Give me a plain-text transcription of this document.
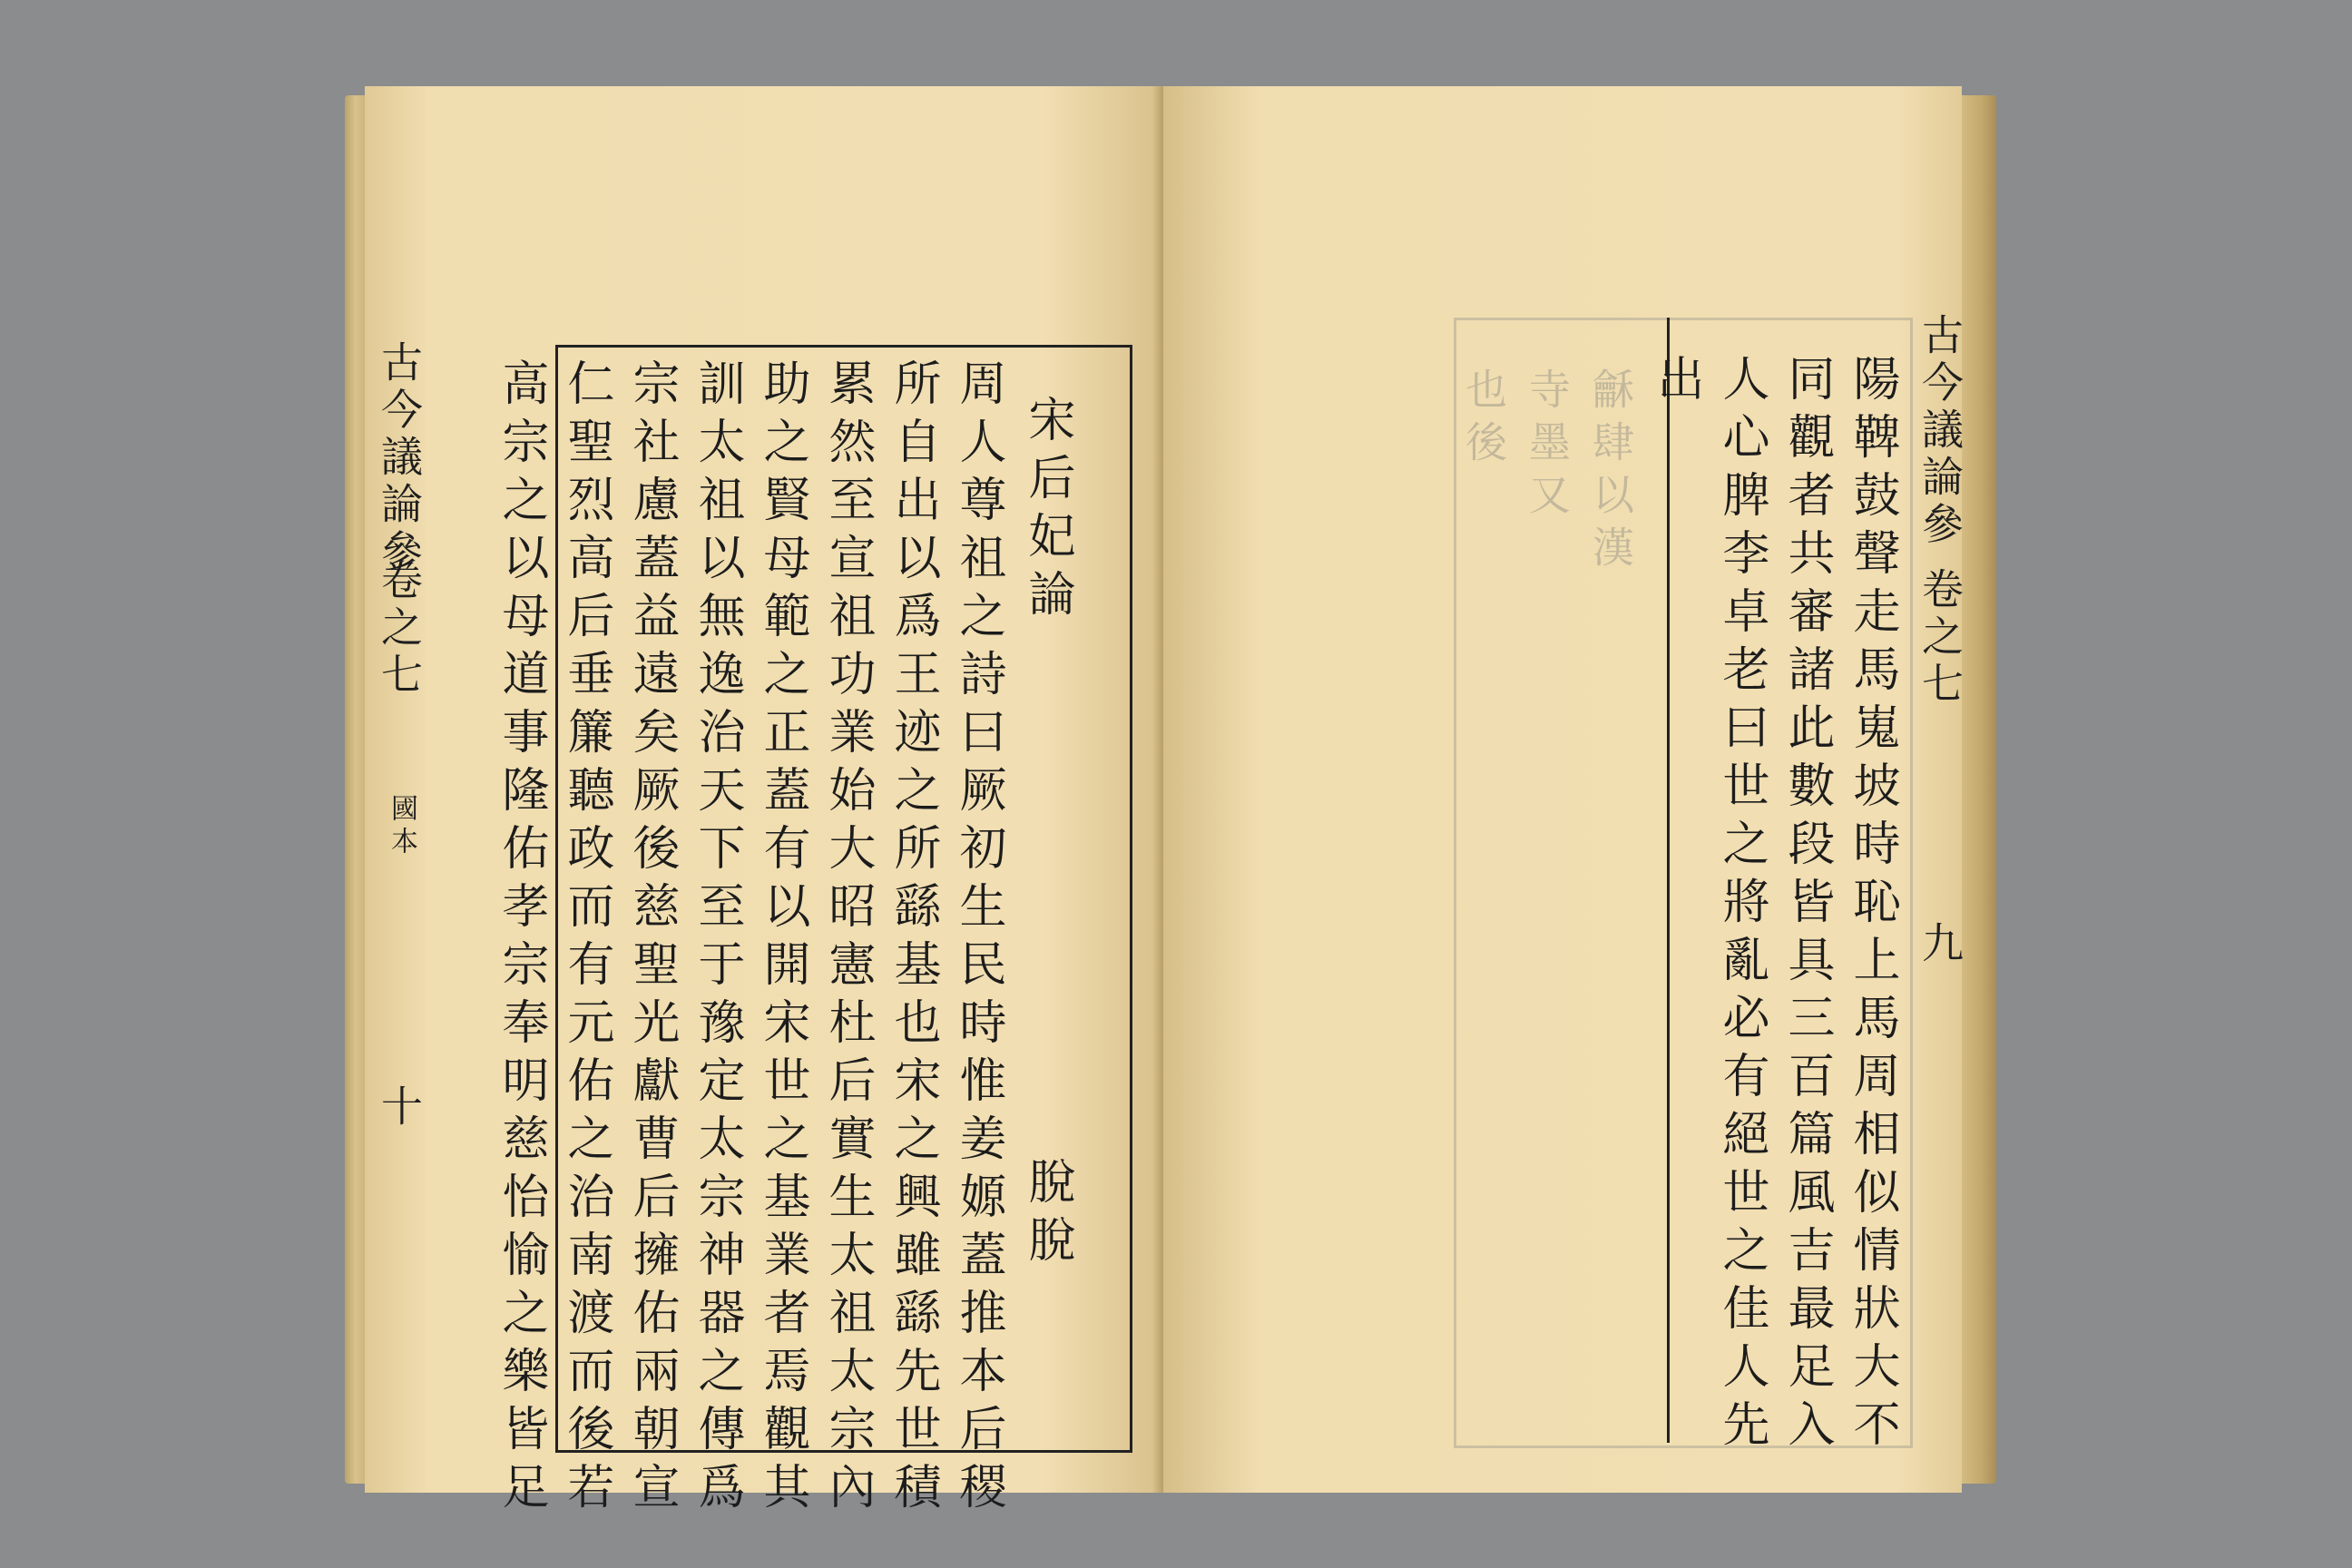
古今議論參
卷之七
國本
十
宋后妃論
脫脫
周人尊祖之詩曰厥初生民時惟姜嫄蓋推本后稷
所自出以爲王迹之所繇基也宋之興雖繇先世積
累然至宣祖功業始大昭憲杜后實生太祖太宗內
助之賢母範之正蓋有以開宋世之基業者焉觀其
訓太祖以無逸治天下至于豫定太宗神器之傳爲
宗社慮蓋益遠矣厥後慈聖光獻曹后擁佑兩朝宣
仁聖烈高后垂簾聽政而有元佑之治南渡而後若
高宗之以母道事隆佑孝宗奉明慈怡愉之樂皆足	古今議論參
卷之七
九
陽鞞鼓聲走馬嵬坡時恥上馬周相似情狀大不
同觀者共審諸此數段皆具三百篇風吉最足入
人心脾李卓老曰世之將亂必有絕世之佳人先
出
龢肆以漢
寺墨又
也後
